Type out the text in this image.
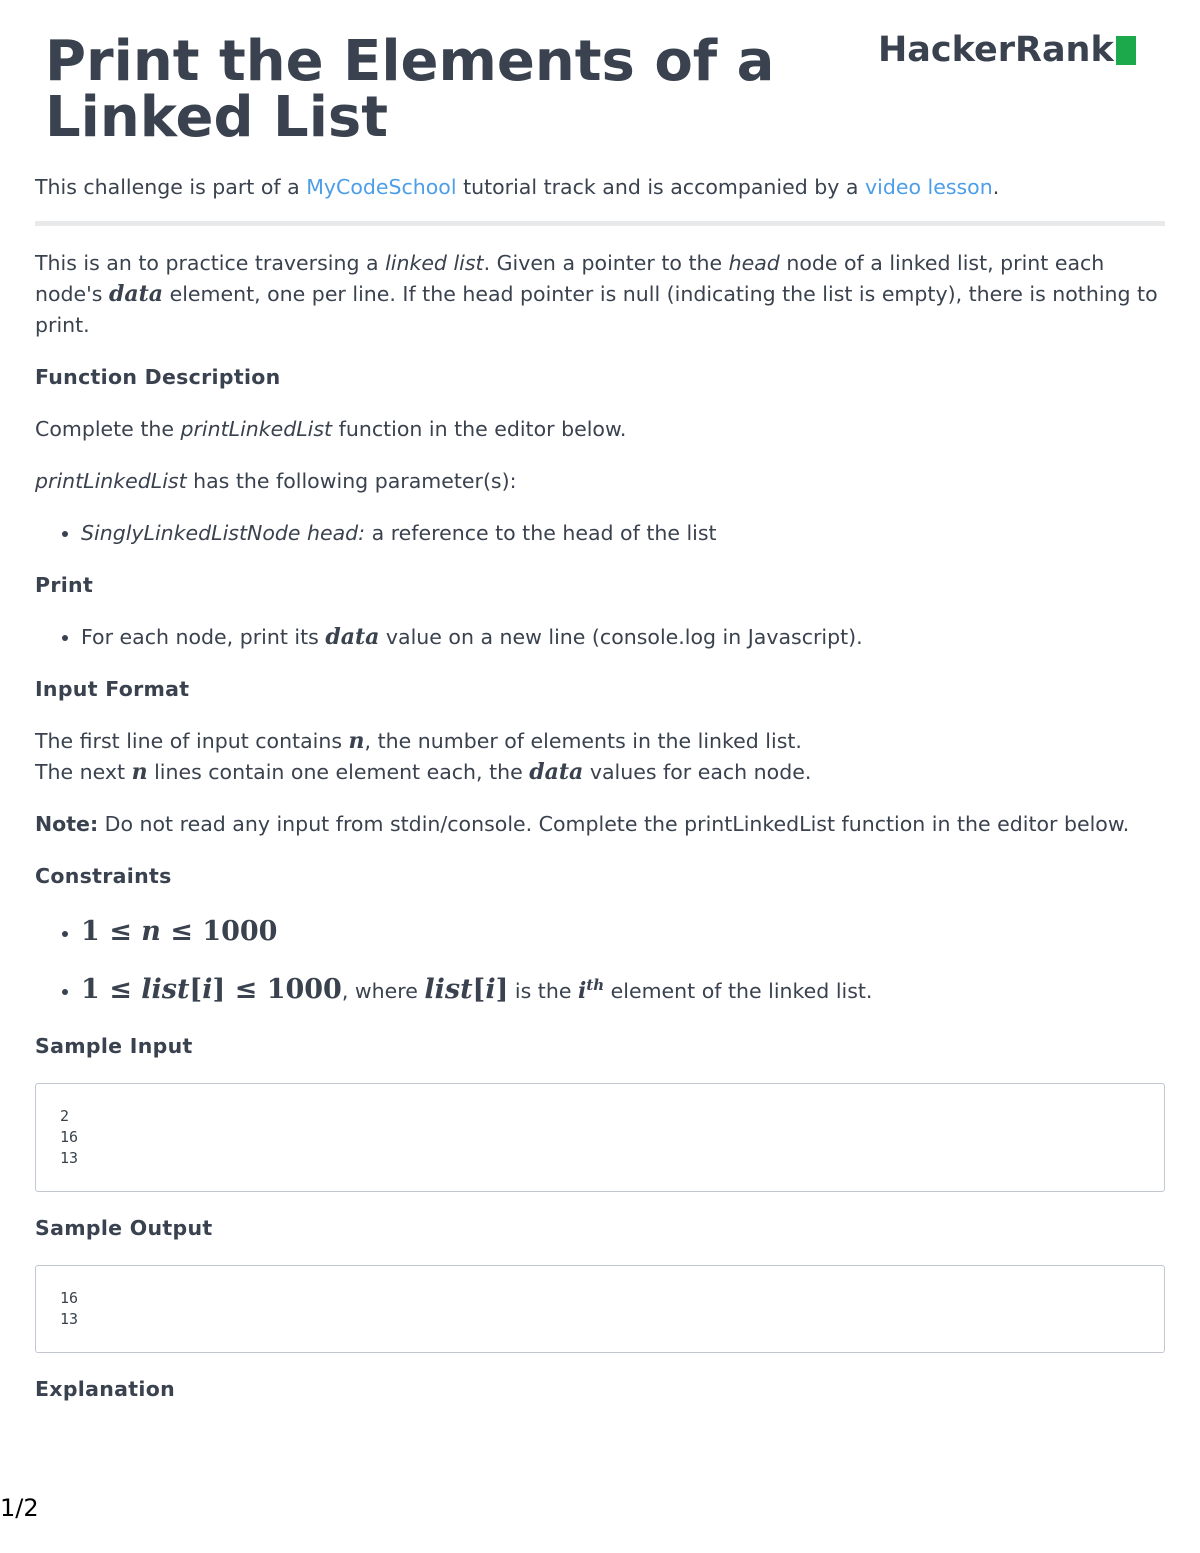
Print the Elements of a Linked List
HackerRank

This challenge is part of a MyCodeSchool tutorial track and is accompanied by a video lesson.

This is an to practice traversing a linked list. Given a pointer to the head node of a linked list, print each node's data element, one per line. If the head pointer is null (indicating the list is empty), there is nothing to print.

Function Description

Complete the printLinkedList function in the editor below.

printLinkedList has the following parameter(s):

• SinglyLinkedListNode head: a reference to the head of the list
Print
• For each node, print its data value on a new line (console.log in Javascript).
Input Format

The first line of input contains n, the number of elements in the linked list.
The next n lines contain one element each, the data values for each node.

Note: Do not read any input from stdin/console. Complete the printLinkedList function in the editor below.

Constraints
• 1 ≤ n ≤ 1000
• 1 ≤ list[i] ≤ 1000, where list[i] is the $i^{th}$ element of the linked list.
Sample Input
2
16
13
Sample Output
16
13
Explanation
1/2
